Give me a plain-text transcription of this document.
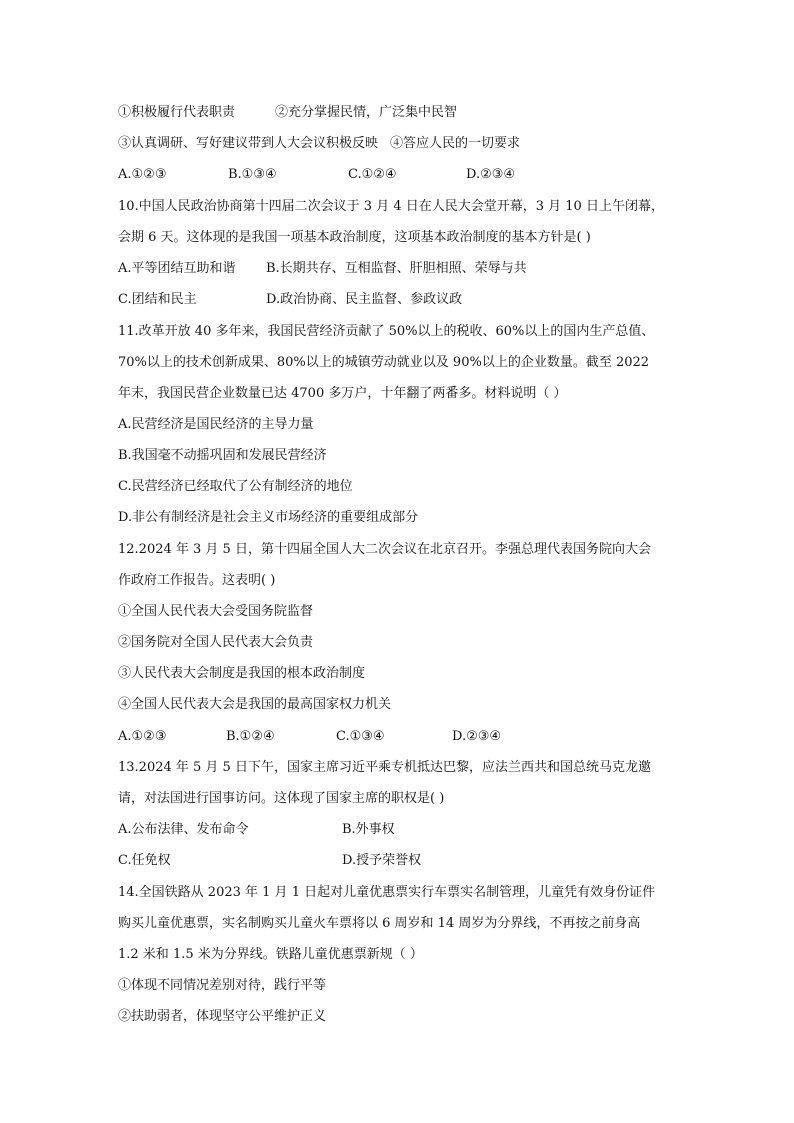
①积极履行代表职责	②充分掌握民情，广泛集中民智
③认真调研、写好建议带到人大会议积极反映 ④答应人民的一切要求
A.①②③	B.①③④	C.①②④	D.②③④
10.中国人民政治协商第十四届二次会议于 3 月 4 日在人民大会堂开幕，3 月 10 日上午闭幕，
会期 6 天。这体现的是我国一项基本政治制度，这项基本政治制度的基本方针是( )
A.平等团结互助和谐 B.长期共存、互相监督、肝胆相照、荣辱与共
C.团结和民主	D.政治协商、民主监督、参政议政
11.改革开放 40 多年来，我国民营经济贡献了 50%以上的税收、60%以上的国内生产总值、
70%以上的技术创新成果、80%以上的城镇劳动就业以及 90%以上的企业数量。截至 2022
年末，我国民营企业数量已达 4700 多万户，十年翻了两番多。材料说明（ ）
A.民营经济是国民经济的主导力量
B.我国毫不动摇巩固和发展民营经济
C.民营经济已经取代了公有制经济的地位
D.非公有制经济是社会主义市场经济的重要组成部分
12.2024 年 3 月 5 日，第十四届全国人大二次会议在北京召开。李强总理代表国务院向大会
作政府工作报告。这表明( )
①全国人民代表大会受国务院监督
②国务院对全国人民代表大会负责
③人民代表大会制度是我国的根本政治制度
④全国人民代表大会是我国的最高国家权力机关
A.①②③	B.①②④	C.①③④	D.②③④
13.2024 年 5 月 5 日下午，国家主席习近平乘专机抵达巴黎，应法兰西共和国总统马克龙邀
请，对法国进行国事访问。这体现了国家主席的职权是( )
A.公布法律、发布命令	B.外事权
C.任免权	D.授予荣誉权
14.全国铁路从 2023 年 1 月 1 日起对儿童优惠票实行车票实名制管理，儿童凭有效身份证件
购买儿童优惠票，实名制购买儿童火车票将以 6 周岁和 14 周岁为分界线，不再按之前身高
1.2 米和 1.5 米为分界线。铁路儿童优惠票新规（ ）
①体现不同情况差别对待，践行平等
②扶助弱者，体现坚守公平维护正义
